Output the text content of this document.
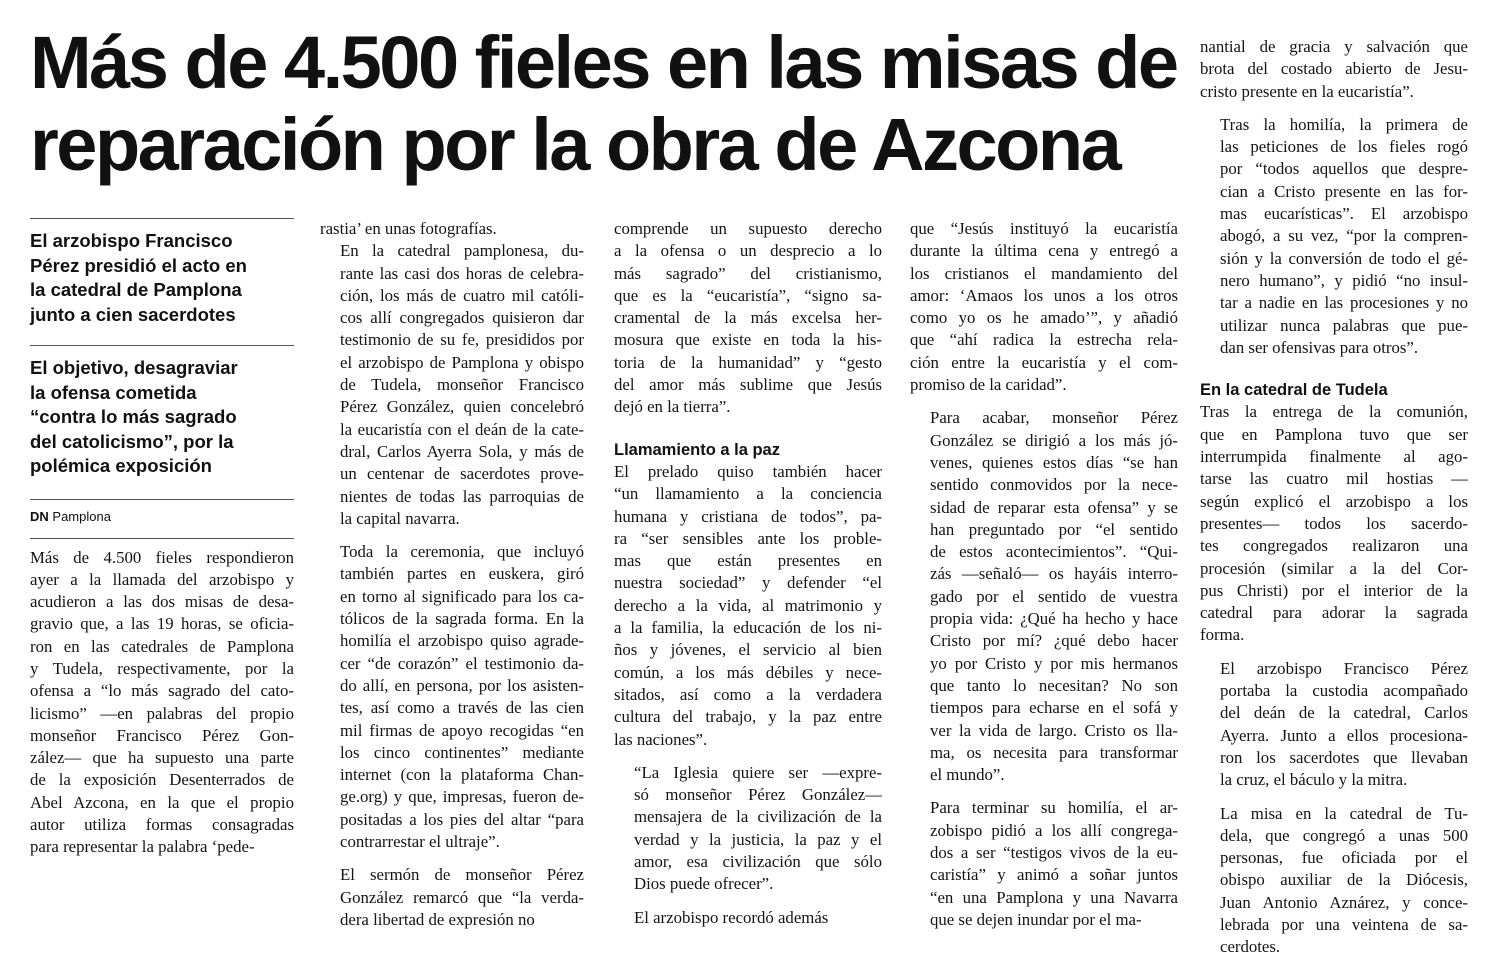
Más de 4.500 fieles en las misas de
reparación por la obra de Azcona
El arzobispo Francisco
Pérez presidió el acto en
la catedral de Pamplona
junto a cien sacerdotes
El objetivo, desagraviar
la ofensa cometida
“contra lo más sagrado
del catolicismo”, por la
polémica exposición
DN Pamplona

Más de 4.500 fieles respondieron
ayer a la llamada del arzobispo y
acudieron a las dos misas de desa-
gravio que, a las 19 horas, se oficia-
ron en las catedrales de Pamplona
y Tudela, respectivamente, por la
ofensa a “lo más sagrado del cato-
licismo” —en palabras del propio
monseñor Francisco Pérez Gon-
zález— que ha supuesto una parte
de la exposición Desenterrados de
Abel Azcona, en la que el propio
autor utiliza formas consagradas
para representar la palabra ‘pede-

rastia’ en unas fotografías.

En la catedral pamplonesa, du-
rante las casi dos horas de celebra-
ción, los más de cuatro mil católi-
cos allí congregados quisieron dar
testimonio de su fe, presididos por
el arzobispo de Pamplona y obispo
de Tudela, monseñor Francisco
Pérez González, quien concelebró
la eucaristía con el deán de la cate-
dral, Carlos Ayerra Sola, y más de
un centenar de sacerdotes prove-
nientes de todas las parroquias de
la capital navarra.

Toda la ceremonia, que incluyó
también partes en euskera, giró
en torno al significado para los ca-
tólicos de la sagrada forma. En la
homilía el arzobispo quiso agrade-
cer “de corazón” el testimonio da-
do allí, en persona, por los asisten-
tes, así como a través de las cien
mil firmas de apoyo recogidas “en
los cinco continentes” mediante
internet (con la plataforma Chan-
ge.org) y que, impresas, fueron de-
positadas a los pies del altar “para
contrarrestar el ultraje”.

El sermón de monseñor Pérez
González remarcó que “la verda-
dera libertad de expresión no

comprende un supuesto derecho
a la ofensa o un desprecio a lo
más sagrado” del cristianismo,
que es la “eucaristía”, “signo sa-
cramental de la más excelsa her-
mosura que existe en toda la his-
toria de la humanidad” y “gesto
del amor más sublime que Jesús
dejó en la tierra”.

Llamamiento a la paz

El prelado quiso también hacer
“un llamamiento a la conciencia
humana y cristiana de todos”, pa-
ra “ser sensibles ante los proble-
mas que están presentes en
nuestra sociedad” y defender “el
derecho a la vida, al matrimonio y
a la familia, la educación de los ni-
ños y jóvenes, el servicio al bien
común, a los más débiles y nece-
sitados, así como a la verdadera
cultura del trabajo, y la paz entre
las naciones”.

“La Iglesia quiere ser —expre-
só monseñor Pérez González—
mensajera de la civilización de la
verdad y la justicia, la paz y el
amor, esa civilización que sólo
Dios puede ofrecer”.

El arzobispo recordó además

que “Jesús instituyó la eucaristía
durante la última cena y entregó a
los cristianos el mandamiento del
amor: ‘Amaos los unos a los otros
como yo os he amado’”, y añadió
que “ahí radica la estrecha rela-
ción entre la eucaristía y el com-
promiso de la caridad”.

Para acabar, monseñor Pérez
González se dirigió a los más jó-
venes, quienes estos días “se han
sentido conmovidos por la nece-
sidad de reparar esta ofensa” y se
han preguntado por “el sentido
de estos acontecimientos”. “Qui-
zás —señaló— os hayáis interro-
gado por el sentido de vuestra
propia vida: ¿Qué ha hecho y hace
Cristo por mí? ¿qué debo hacer
yo por Cristo y por mis hermanos
que tanto lo necesitan? No son
tiempos para echarse en el sofá y
ver la vida de largo. Cristo os lla-
ma, os necesita para transformar
el mundo”.

Para terminar su homilía, el ar-
zobispo pidió a los allí congrega-
dos a ser “testigos vivos de la eu-
caristía” y animó a soñar juntos
“en una Pamplona y una Navarra
que se dejen inundar por el ma-

nantial de gracia y salvación que
brota del costado abierto de Jesu-
cristo presente en la eucaristía”.

Tras la homilía, la primera de
las peticiones de los fieles rogó
por “todos aquellos que despre-
cian a Cristo presente en las for-
mas eucarísticas”. El arzobispo
abogó, a su vez, “por la compren-
sión y la conversión de todo el gé-
nero humano”, y pidió “no insul-
tar a nadie en las procesiones y no
utilizar nunca palabras que pue-
dan ser ofensivas para otros”.

En la catedral de Tudela

Tras la entrega de la comunión,
que en Pamplona tuvo que ser
interrumpida finalmente al ago-
tarse las cuatro mil hostias —
según explicó el arzobispo a los
presentes— todos los sacerdo-
tes congregados realizaron una
procesión (similar a la del Cor-
pus Christi) por el interior de la
catedral para adorar la sagrada
forma.

El arzobispo Francisco Pérez
portaba la custodia acompañado
del deán de la catedral, Carlos
Ayerra. Junto a ellos procesiona-
ron los sacerdotes que llevaban
la cruz, el báculo y la mitra.

La misa en la catedral de Tu-
dela, que congregó a unas 500
personas, fue oficiada por el
obispo auxiliar de la Diócesis,
Juan Antonio Aznárez, y conce-
lebrada por una veintena de sa-
cerdotes.
